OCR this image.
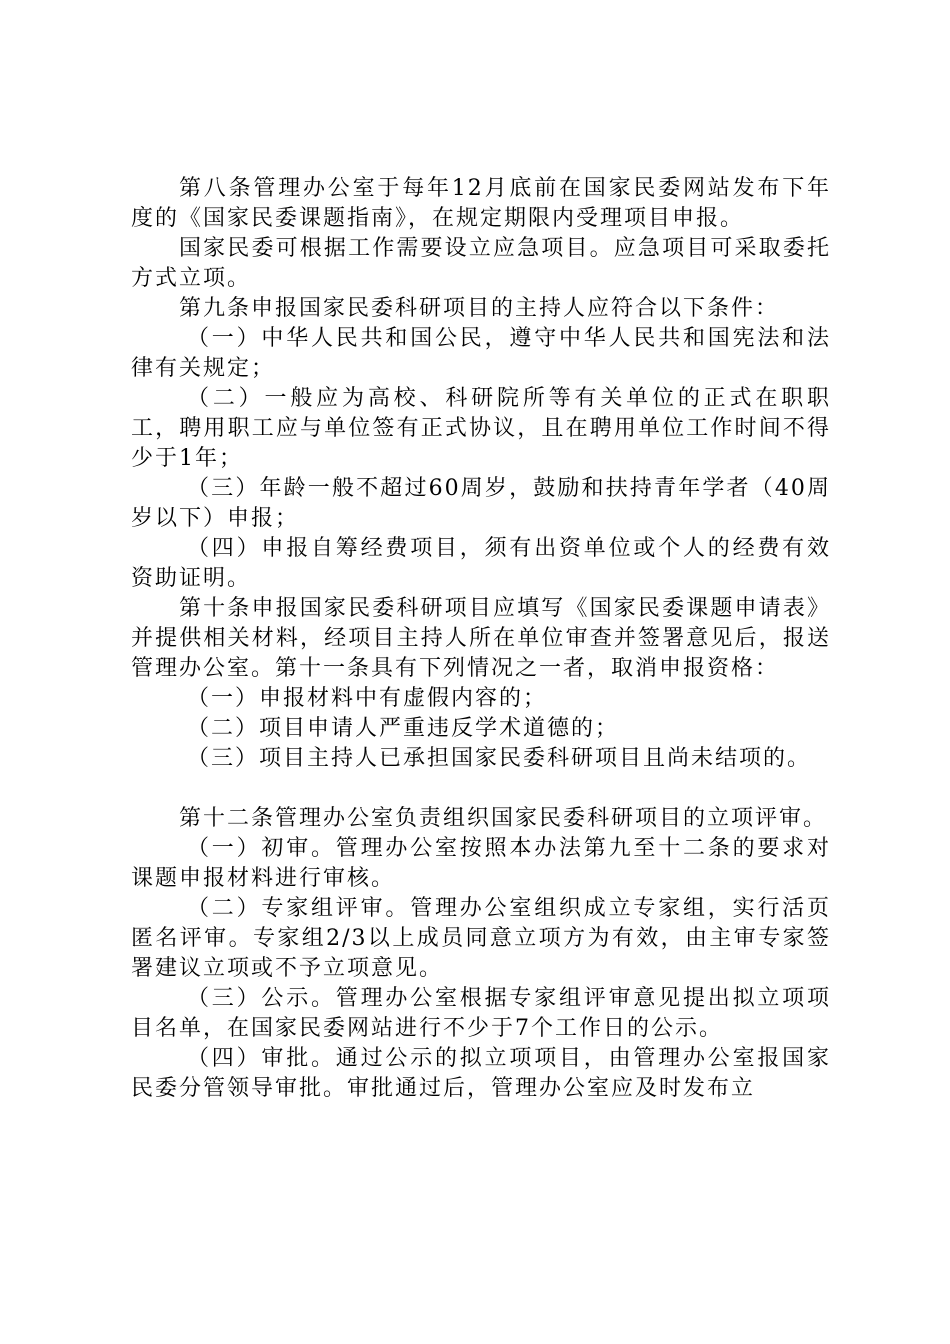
第八条管理办公室于每年12月底前在国家民委网站发布下年度的《国家民委课题指南》，在规定期限内受理项目申报。

国家民委可根据工作需要设立应急项目。应急项目可采取委托方式立项。

第九条申报国家民委科研项目的主持人应符合以下条件：

（一）中华人民共和国公民，遵守中华人民共和国宪法和法律有关规定；

（二）一般应为高校、科研院所等有关单位的正式在职职工，聘用职工应与单位签有正式协议，且在聘用单位工作时间不得少于1年；

（三）年龄一般不超过60周岁，鼓励和扶持青年学者（40周岁以下）申报；

（四）申报自筹经费项目，须有出资单位或个人的经费有效资助证明。

第十条申报国家民委科研项目应填写《国家民委课题申请表》并提供相关材料，经项目主持人所在单位审查并签署意见后，报送管理办公室。第十一条具有下列情况之一者，取消申报资格：

（一）申报材料中有虚假内容的；

（二）项目申请人严重违反学术道德的；

（三）项目主持人已承担国家民委科研项目且尚未结项的。

第十二条管理办公室负责组织国家民委科研项目的立项评审。

（一）初审。管理办公室按照本办法第九至十二条的要求对课题申报材料进行审核。

（二）专家组评审。管理办公室组织成立专家组，实行活页匿名评审。专家组2/3以上成员同意立项方为有效，由主审专家签署建议立项或不予立项意见。

（三）公示。管理办公室根据专家组评审意见提出拟立项项目名单，在国家民委网站进行不少于7个工作日的公示。

（四）审批。通过公示的拟立项项目，由管理办公室报国家民委分管领导审批。审批通过后，管理办公室应及时发布立
